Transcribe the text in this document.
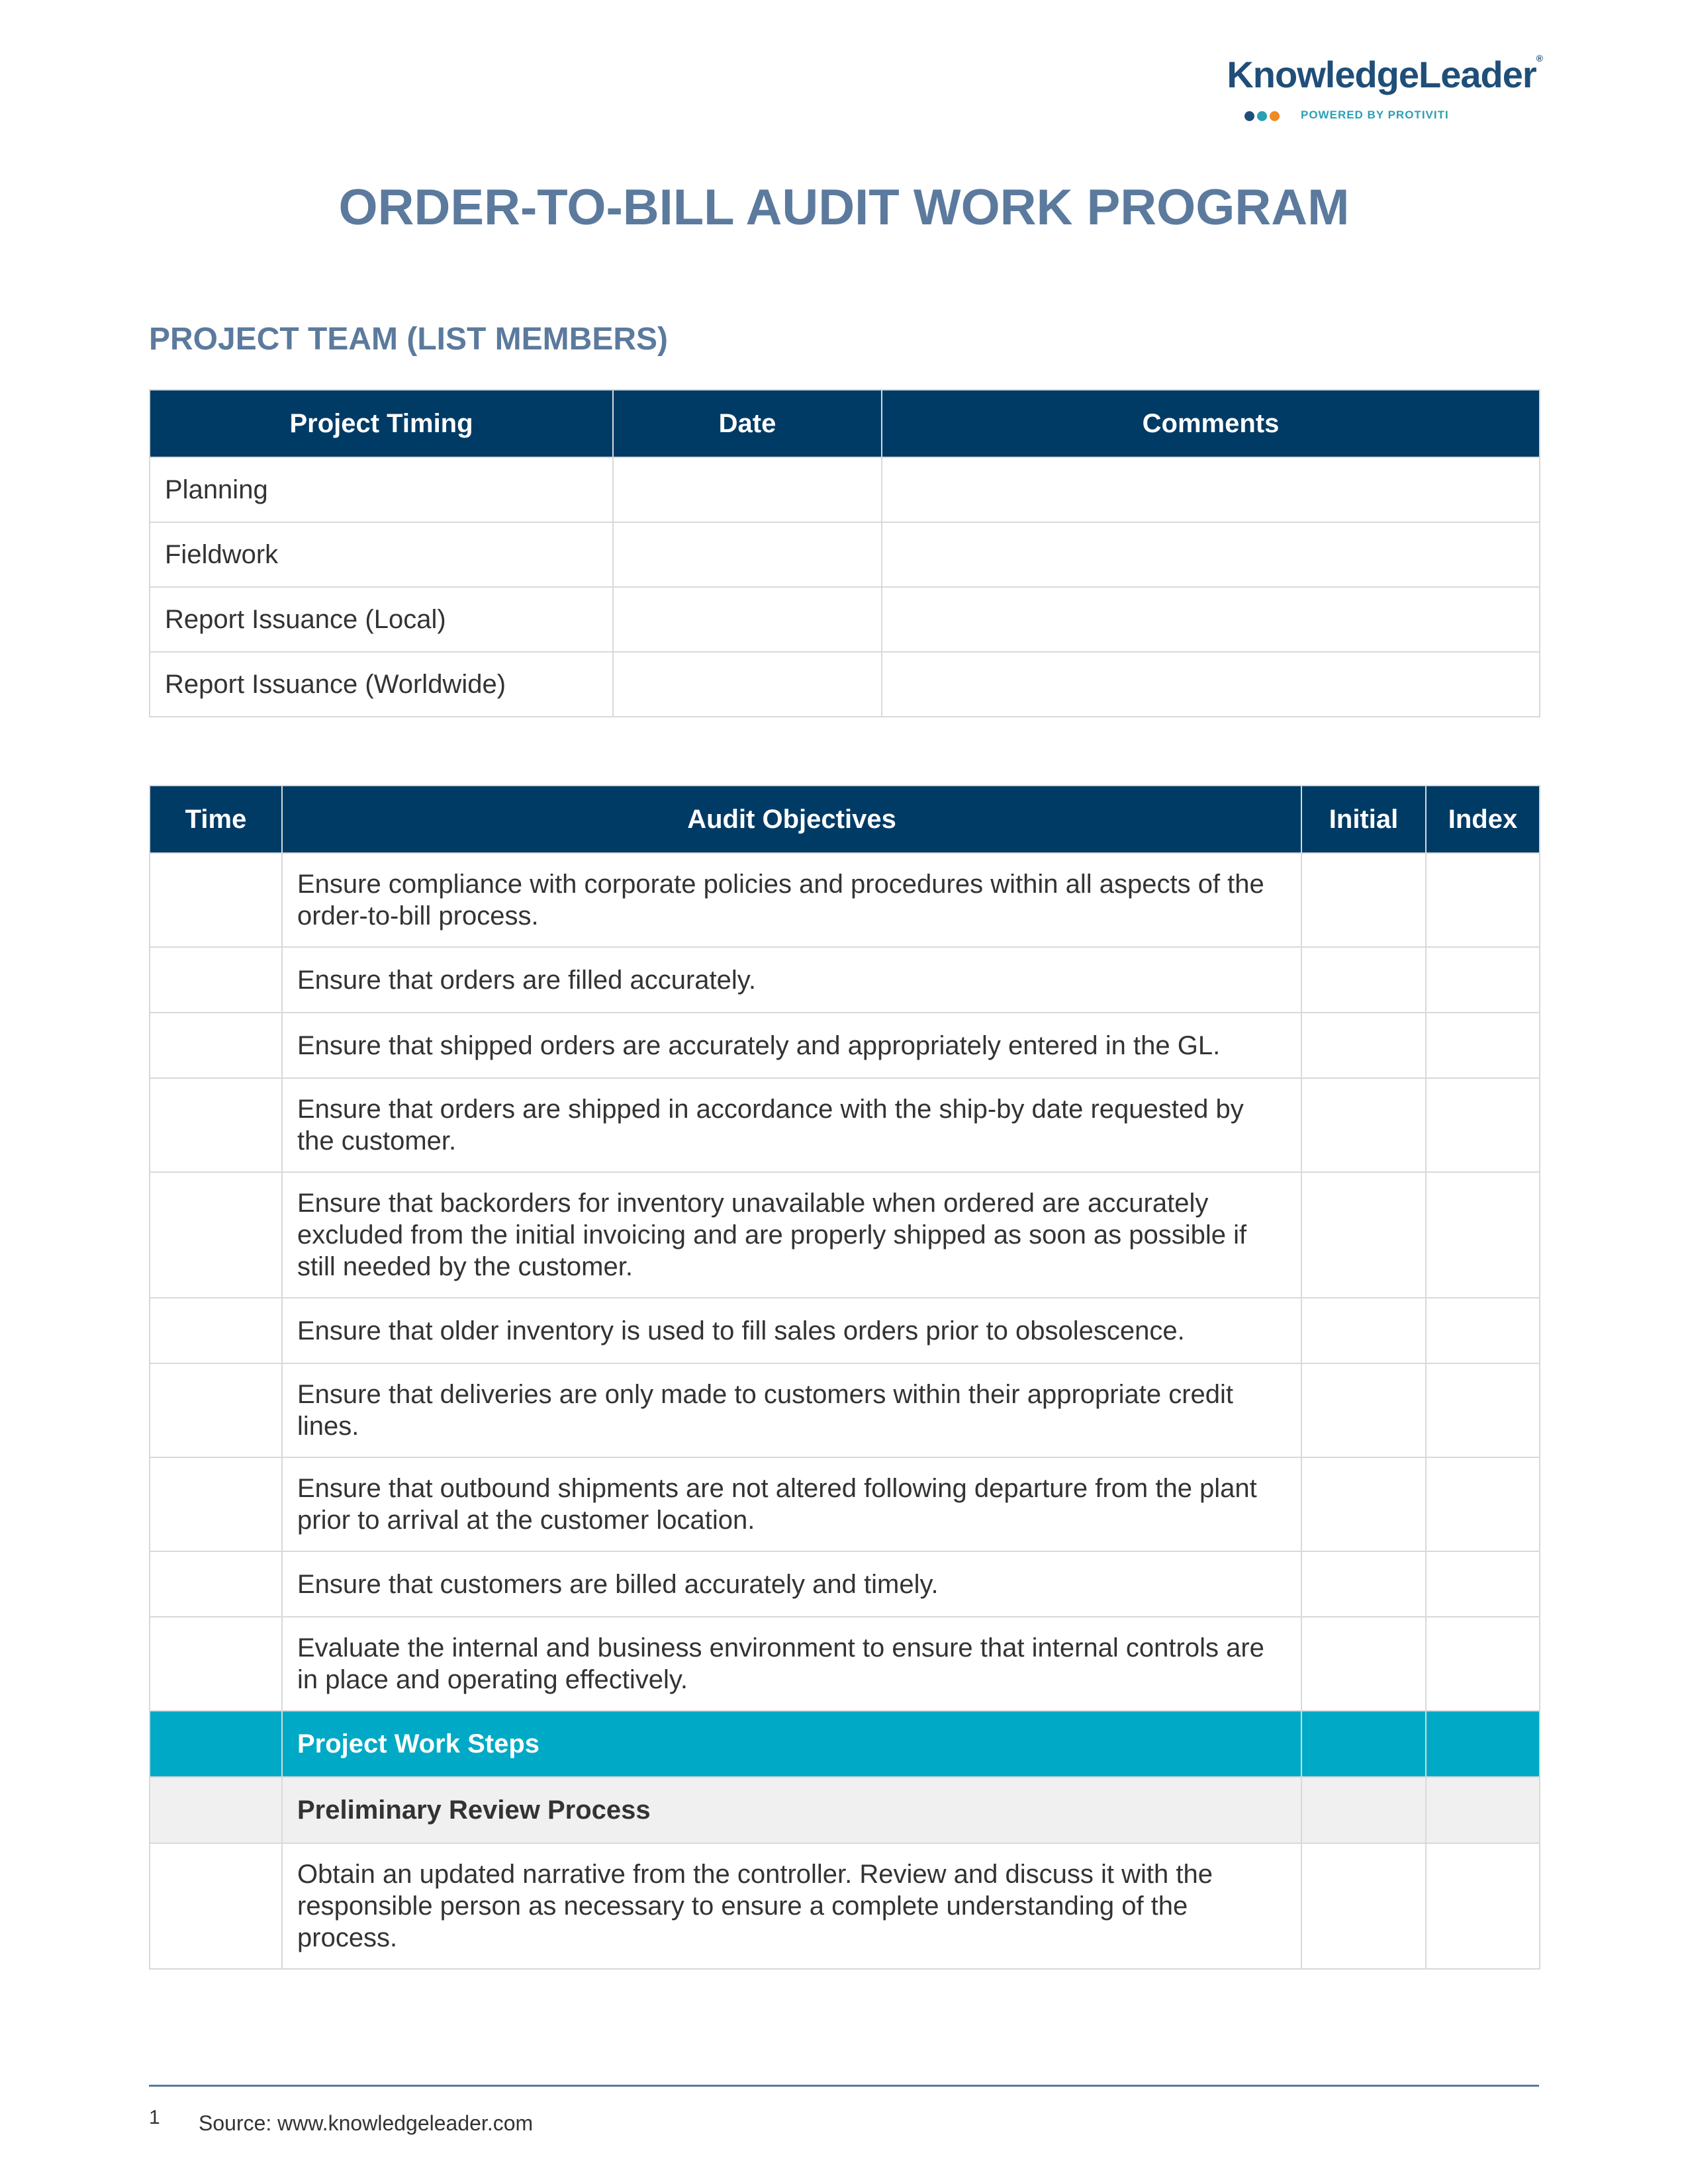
KnowledgeLeader®
POWERED BY PROTIVITI
ORDER-TO-BILL AUDIT WORK PROGRAM
PROJECT TEAM (LIST MEMBERS)
Project Timing	Date	Comments
Planning		
Fieldwork		
Report Issuance (Local)		
Report Issuance (Worldwide)		
Time	Audit Objectives	Initial	Index
	Ensure compliance with corporate policies and procedures within all aspects of the order-to-bill process.		
	Ensure that orders are filled accurately.		
	Ensure that shipped orders are accurately and appropriately entered in the GL.		
	Ensure that orders are shipped in accordance with the ship-by date requested by the customer.		
	Ensure that backorders for inventory unavailable when ordered are accurately excluded from the initial invoicing and are properly shipped as soon as possible if still needed by the customer.		
	Ensure that older inventory is used to fill sales orders prior to obsolescence.		
	Ensure that deliveries are only made to customers within their appropriate credit lines.		
	Ensure that outbound shipments are not altered following departure from the plant prior to arrival at the customer location.		
	Ensure that customers are billed accurately and timely.		
	Evaluate the internal and business environment to ensure that internal controls are in place and operating effectively.		
	Project Work Steps		
	Preliminary Review Process		
	Obtain an updated narrative from the controller. Review and discuss it with the responsible person as necessary to ensure a complete understanding of the process.		
1 Source: www.knowledgeleader.com
